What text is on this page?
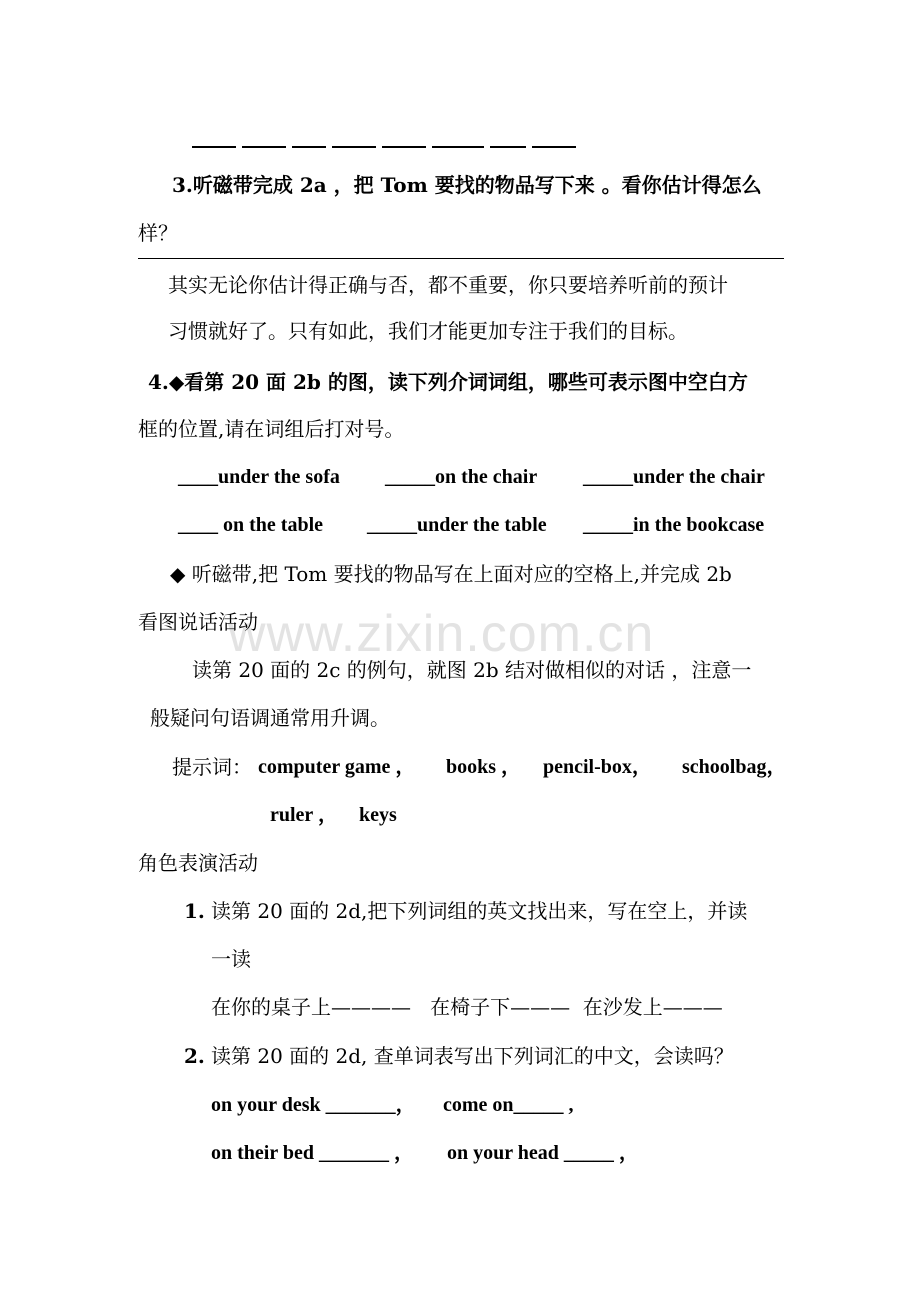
www.zixin.com.cn
3.听磁带完成 2a ，把 Tom 要找的物品写下来 。看你估计得怎么
样？
其实无论你估计得正确与否，都不重要，你只要培养听前的预计
习惯就好了。只有如此，我们才能更加专注于我们的目标。
4.◆看第 20 面 2b 的图，读下列介词词组，哪些可表示图中空白方
框的位置,请在词组后打对号。
____under the sofa _____on the chair _____under the chair
____ on the table _____under the table _____in the bookcase
◆ 听磁带,把 Tom 要找的物品写在上面对应的空格上,并完成 2b
看图说话活动
读第 20 面的 2c 的例句，就图 2b 结对做相似的对话 ，注意一
般疑问句语调通常用升调。
提示词： computer game ， books ， pencil-box， schoolbag，
ruler ， keys
角色表演活动
1. 读第 20 面的 2d,把下列词组的英文找出来，写在空上，并读
一读
在你的桌子上————   在椅子下———  在沙发上———
2. 读第 20 面的 2d, 查单词表写出下列词汇的中文，会读吗？
on your desk _______， come on_____ ,
on their bed _______ ， on your head _____ ，
